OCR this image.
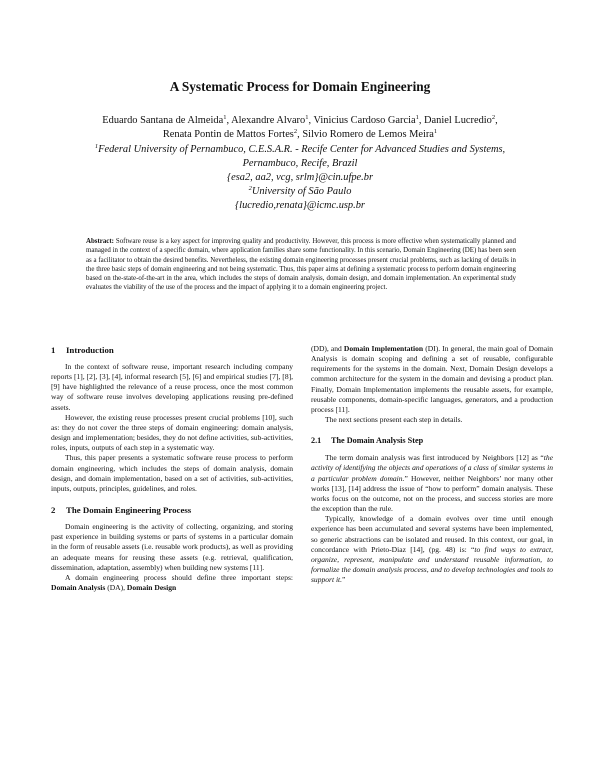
A Systematic Process for Domain Engineering
Eduardo Santana de Almeida$^1$, Alexandre Alvaro$^1$, Vinicius Cardoso Garcia$^1$, Daniel Lucredio$^2$,
Renata Pontin de Mattos Fortes$^2$, Silvio Romero de Lemos Meira$^1$
$^1$Federal University of Pernambuco, C.E.S.A.R. - Recife Center for Advanced Studies and Systems,
Pernambuco, Recife, Brazil
{esa2, aa2, vcg, srlm}@cin.ufpe.br
$^2$University of São Paulo
{lucredio,renata}@icmc.usp.br
Abstract: Software reuse is a key aspect for improving quality and productivity. However, this process is more effective when systematically planned and managed in the context of a specific domain, where application families share some functionality. In this scenario, Domain Engineering (DE) has been seen as a facilitator to obtain the desired benefits. Nevertheless, the existing domain engineering processes present crucial problems, such as lacking of details in the three basic steps of domain engineering and not being systematic. Thus, this paper aims at defining a systematic process to perform domain engineering based on the-state-of-the-art in the area, which includes the steps of domain analysis, domain design, and domain implementation. An experimental study evaluates the viability of the use of the process and the impact of applying it to a domain engineering project.
1 Introduction

In the context of software reuse, important research including company reports [1], [2], [3], [4], informal research [5], [6] and empirical studies [7], [8], [9] have highlighted the relevance of a reuse process, once the most common way of software reuse involves developing applications reusing pre-defined assets.

However, the existing reuse processes present crucial problems [10], such as: they do not cover the three steps of domain engineering: domain analysis, design and implementation; besides, they do not define activities, sub-activities, roles, inputs, outputs of each step in a systematic way.

Thus, this paper presents a systematic software reuse process to perform domain engineering, which includes the steps of domain analysis, domain design, and domain implementation, based on a set of activities, sub-activities, inputs, outputs, principles, guidelines, and roles.

2 The Domain Engineering Process

Domain engineering is the activity of collecting, organizing, and storing past experience in building systems or parts of systems in a particular domain in the form of reusable assets (i.e. reusable work products), as well as providing an adequate means for reusing these assets (e.g. retrieval, qualification, dissemination, adaptation, assembly) when building new systems [11].

A domain engineering process should define three important steps: Domain Analysis (DA), Domain Design

(DD), and Domain Implementation (DI). In general, the main goal of Domain Analysis is domain scoping and defining a set of reusable, configurable requirements for the systems in the domain. Next, Domain Design develops a common architecture for the system in the domain and devising a product plan. Finally, Domain Implementation implements the reusable assets, for example, reusable components, domain-specific languages, generators, and a production process [11].

The next sections present each step in details.

2.1 The Domain Analysis Step

The term domain analysis was first introduced by Neighbors [12] as “the activity of identifying the objects and operations of a class of similar systems in a particular problem domain.” However, neither Neighbors’ nor many other works [13], [14] address the issue of “how to perform” domain analysis. These works focus on the outcome, not on the process, and success stories are more the exception than the rule.

Typically, knowledge of a domain evolves over time until enough experience has been accumulated and several systems have been implemented, so generic abstractions can be isolated and reused. In this context, our goal, in concordance with Prieto-Diaz [14], (pg. 48) is: “to find ways to extract, organize, represent, manipulate and understand reusable information, to formalize the domain analysis process, and to develop technologies and tools to support it.”
